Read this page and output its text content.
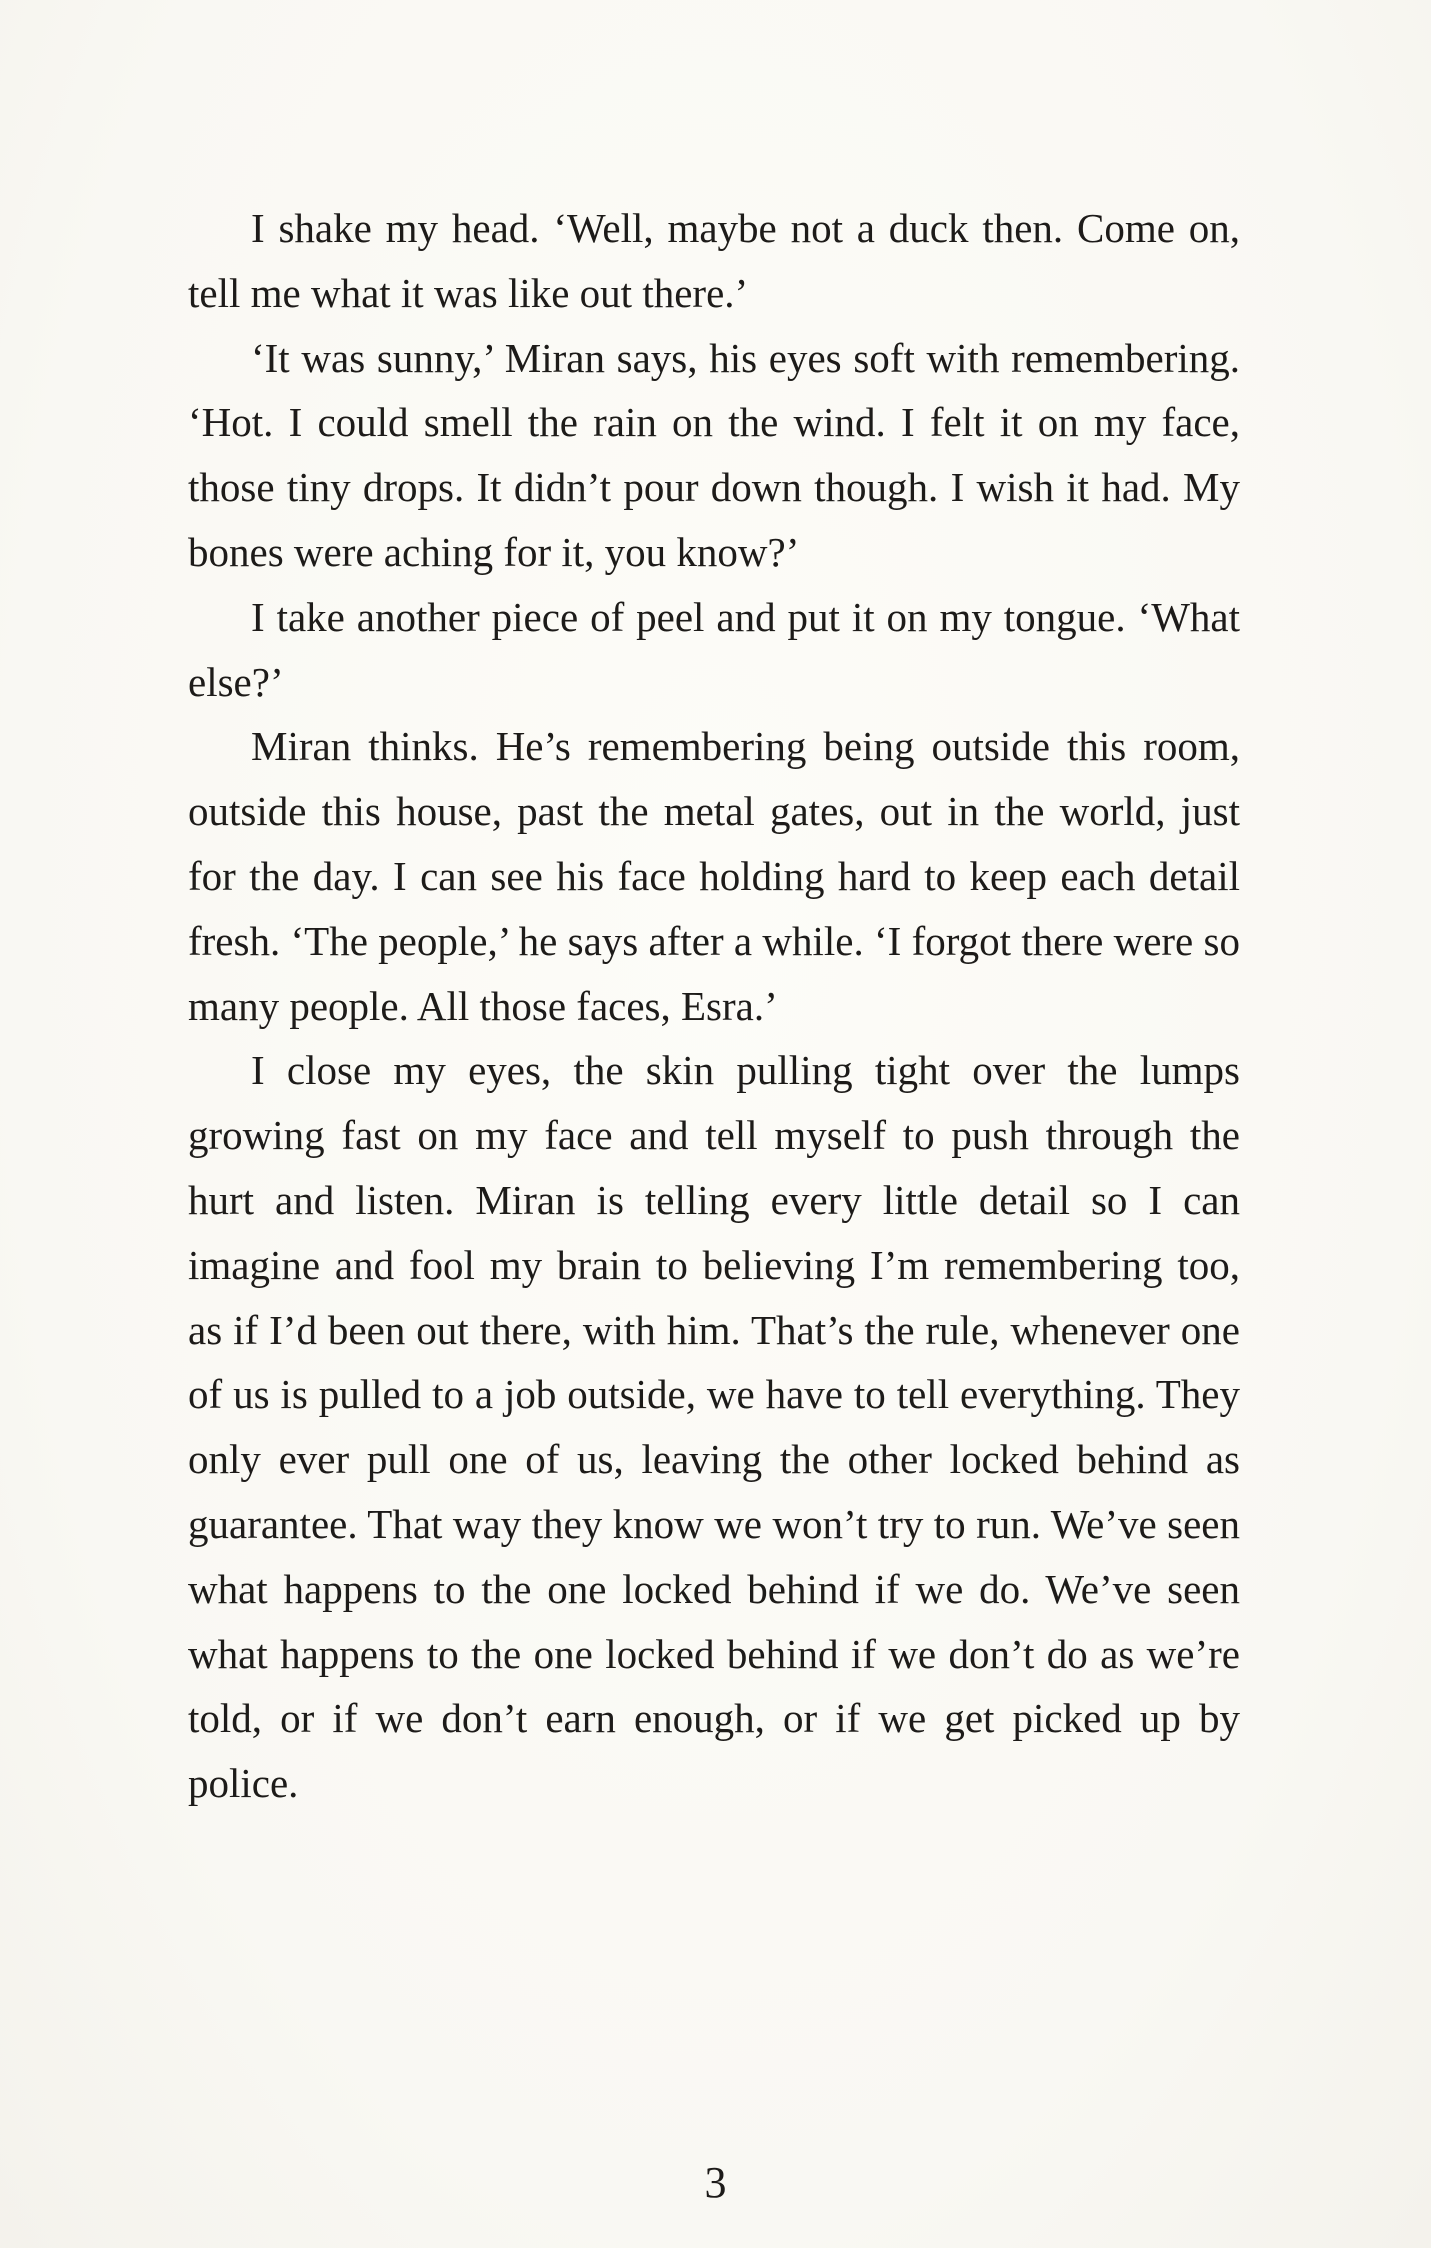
I shake my head. ‘Well, maybe not a duck then. Come on, tell me what it was like out there.’

‘It was sunny,’ Miran says, his eyes soft with remembering. ‘Hot. I could smell the rain on the wind. I felt it on my face, those tiny drops. It didn’t pour down though. I wish it had. My bones were aching for it, you know?’

I take another piece of peel and put it on my tongue. ‘What else?’

Miran thinks. He’s remembering being outside this room, outside this house, past the metal gates, out in the world, just for the day. I can see his face holding hard to keep each detail fresh. ‘The people,’ he says after a while. ‘I forgot there were so many people. All those faces, Esra.’

I close my eyes, the skin pulling tight over the lumps growing fast on my face and tell myself to push through the hurt and listen. Miran is telling every little detail so I can imagine and fool my brain to believing I’m remembering too, as if I’d been out there, with him. That’s the rule, whenever one of us is pulled to a job outside, we have to tell everything. They only ever pull one of us, leaving the other locked behind as guarantee. That way they know we won’t try to run. We’ve seen what happens to the one locked behind if we do. We’ve seen what happens to the one locked behind if we don’t do as we’re told, or if we don’t earn enough, or if we get picked up by police.

3
